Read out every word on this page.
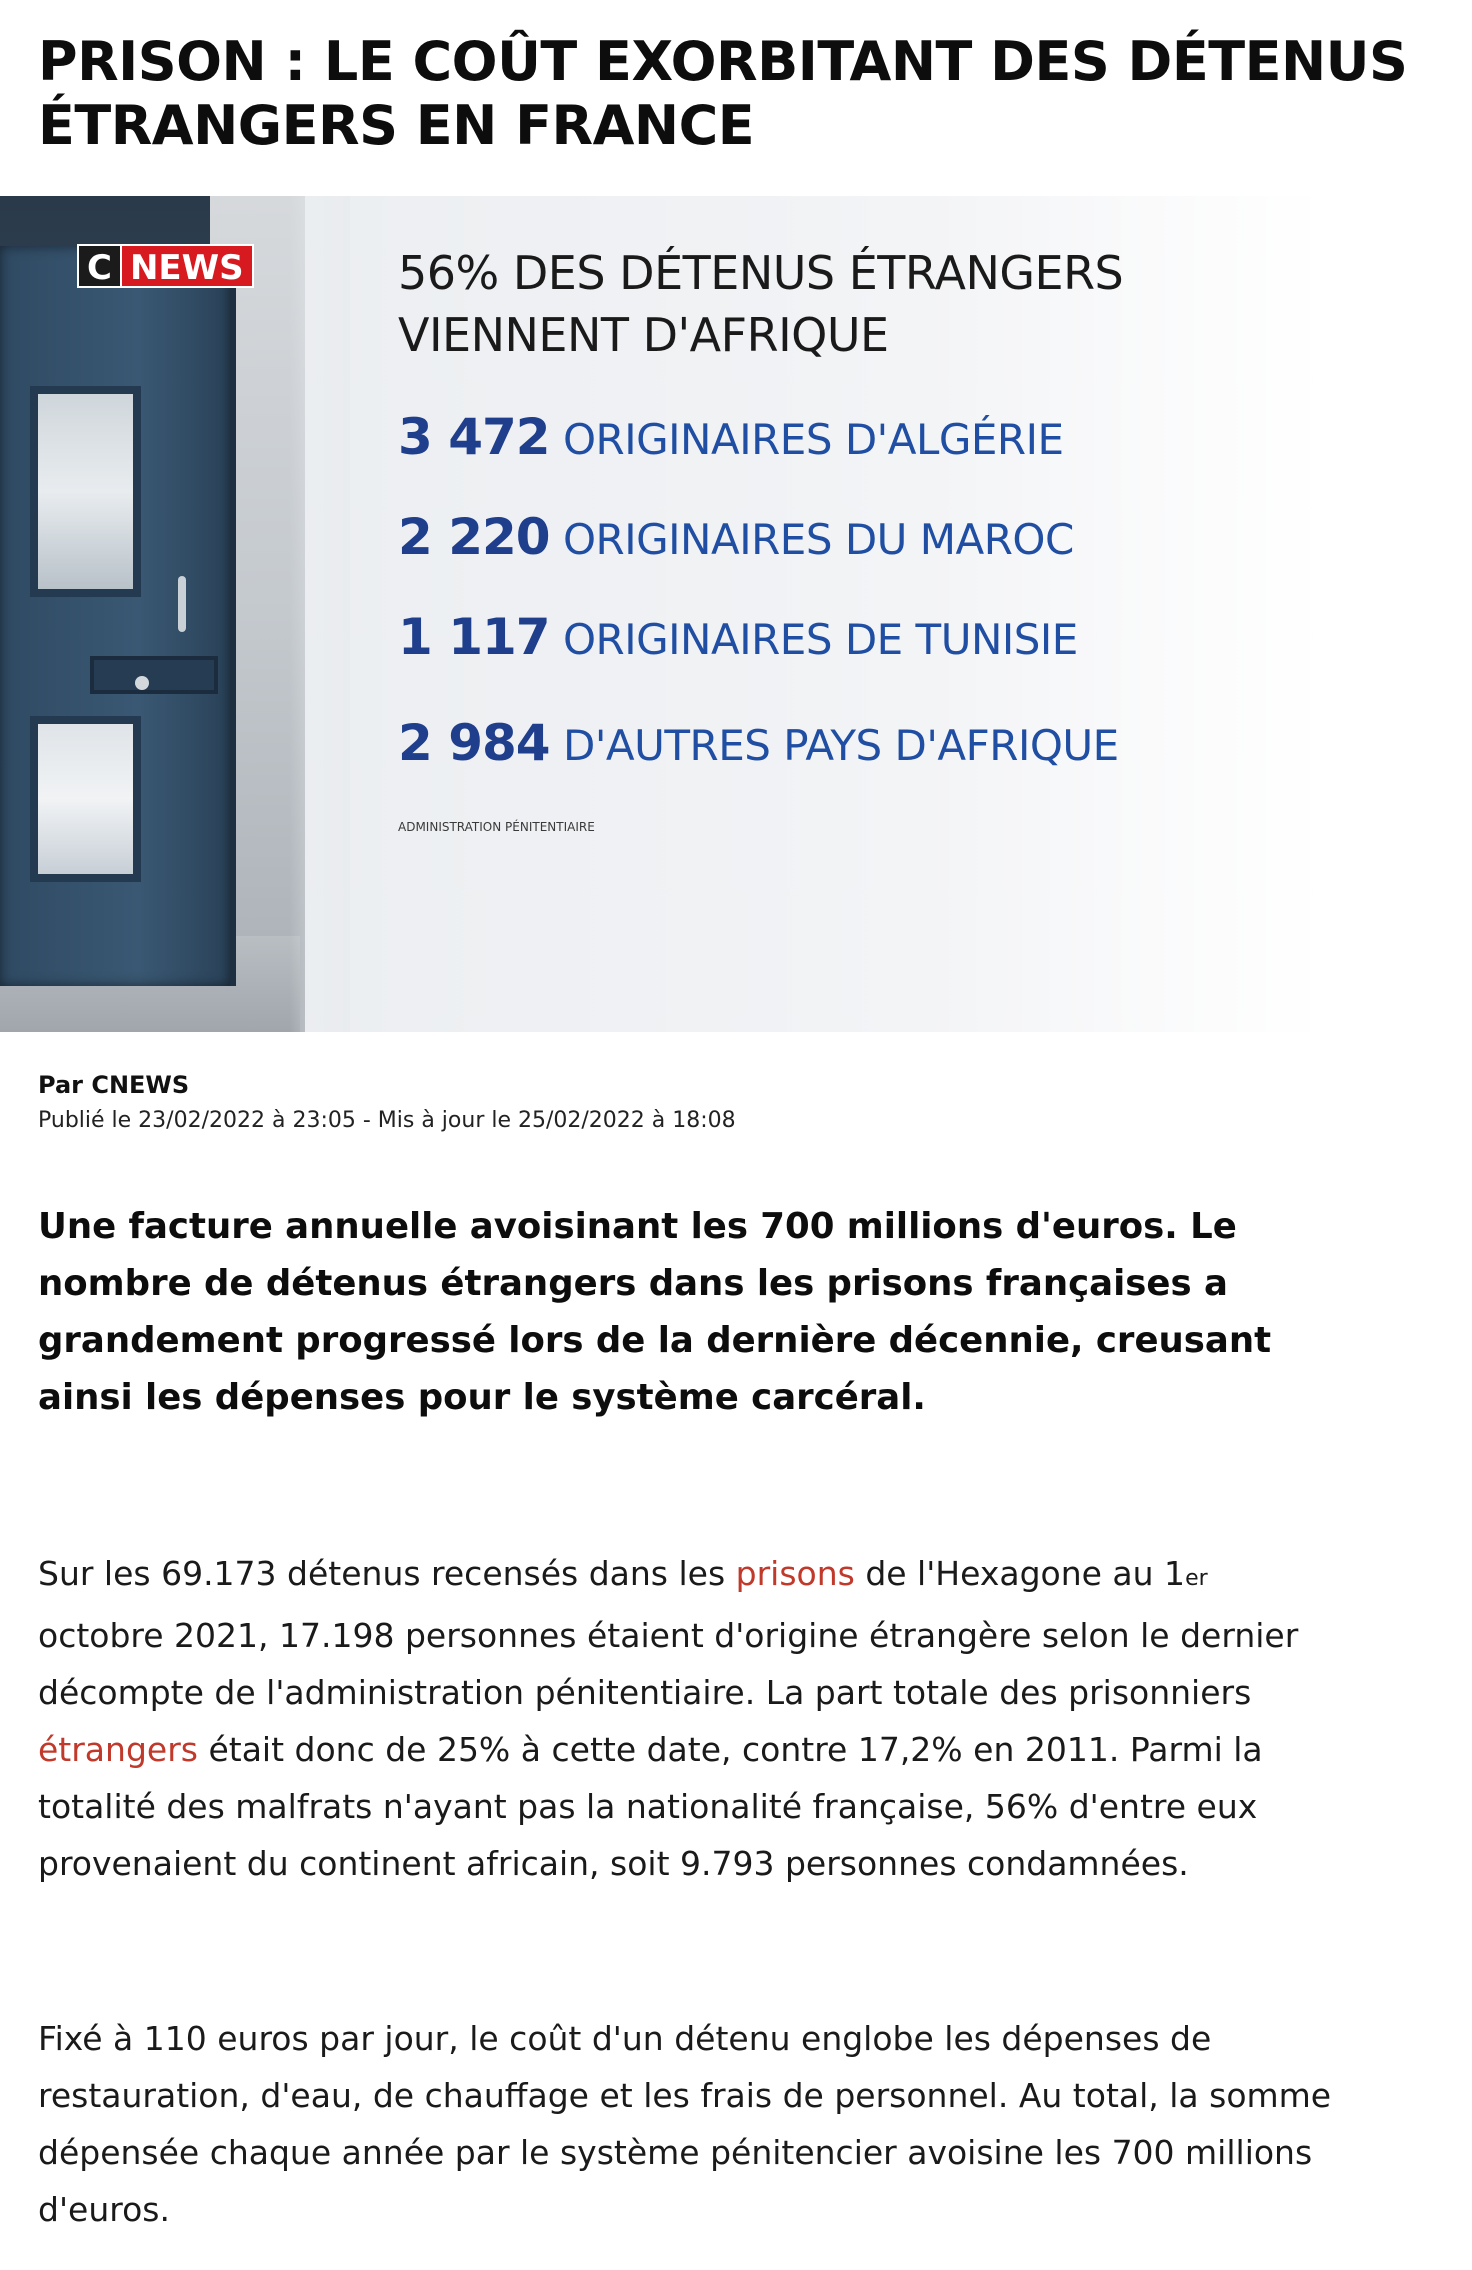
PRISON : LE COÛT EXORBITANT DES DÉTENUS ÉTRANGERS EN FRANCE
C NEWS	56% DES DÉTENUS ÉTRANGERS
VIENNENT D'AFRIQUE
3 472 ORIGINAIRES D'ALGÉRIE
2 220 ORIGINAIRES DU MAROC
1 117 ORIGINAIRES DE TUNISIE
2 984 D'AUTRES PAYS D'AFRIQUE
ADMINISTRATION PÉNITENTIAIRE
Par CNEWS
Publié le 23/02/2022 à 23:05 - Mis à jour le 25/02/2022 à 18:08

Une facture annuelle avoisinant les 700 millions d'euros. Le nombre de détenus étrangers dans les prisons françaises a grandement progressé lors de la dernière décennie, creusant ainsi les dépenses pour le système carcéral.

Sur les 69.173 détenus recensés dans les prisons de l'Hexagone au 1er octobre 2021, 17.198 personnes étaient d'origine étrangère selon le dernier décompte de l'administration pénitentiaire. La part totale des prisonniers étrangers était donc de 25% à cette date, contre 17,2% en 2011. Parmi la totalité des malfrats n'ayant pas la nationalité française, 56% d'entre eux provenaient du continent africain, soit 9.793 personnes condamnées.

Fixé à 110 euros par jour, le coût d'un détenu englobe les dépenses de restauration, d'eau, de chauffage et les frais de personnel. Au total, la somme dépensée chaque année par le système pénitencier avoisine les 700 millions d'euros.
